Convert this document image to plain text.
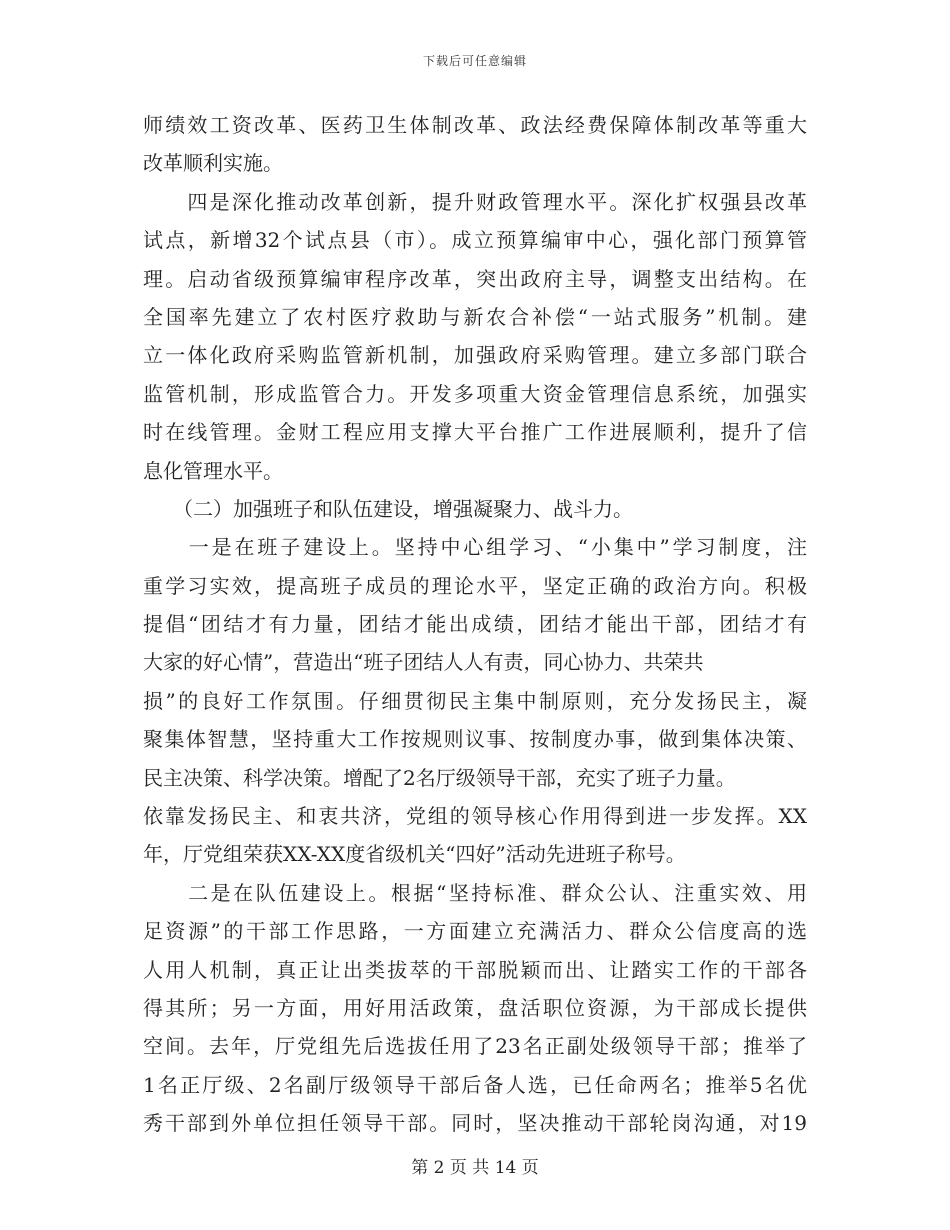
下载后可任意编辑
师绩效工资改革、医药卫生体制改革、政法经费保障体制改革等重大
改革顺利实施。
　　四是深化推动改革创新，提升财政管理水平。深化扩权强县改革
试点，新增32个试点县（市）。成立预算编审中心，强化部门预算管
理。启动省级预算编审程序改革，突出政府主导，调整支出结构。在
全国率先建立了农村医疗救助与新农合补偿“一站式服务”机制。建
立一体化政府采购监管新机制，加强政府采购管理。建立多部门联合
监管机制，形成监管合力。开发多项重大资金管理信息系统，加强实
时在线管理。金财工程应用支撑大平台推广工作进展顺利，提升了信
息化管理水平。
　　（二）加强班子和队伍建设，增强凝聚力、战斗力。
　　一是在班子建设上。坚持中心组学习、“小集中”学习制度，注
重学习实效，提高班子成员的理论水平，坚定正确的政治方向。积极
提倡“团结才有力量，团结才能出成绩，团结才能出干部，团结才有
大家的好心情”，营造出“班子团结人人有责，同心协力、共荣共
损”的良好工作氛围。仔细贯彻民主集中制原则，充分发扬民主，凝
聚集体智慧，坚持重大工作按规则议事、按制度办事，做到集体决策、
民主决策、科学决策。增配了2名厅级领导干部，充实了班子力量。
依靠发扬民主、和衷共济，党组的领导核心作用得到进一步发挥。XX
年，厅党组荣获XX-XX度省级机关“四好”活动先进班子称号。
　　二是在队伍建设上。根据“坚持标准、群众公认、注重实效、用
足资源”的干部工作思路，一方面建立充满活力、群众公信度高的选
人用人机制，真正让出类拔萃的干部脱颖而出、让踏实工作的干部各
得其所；另一方面，用好用活政策，盘活职位资源，为干部成长提供
空间。去年，厅党组先后选拔任用了23名正副处级领导干部；推举了
1名正厅级、2名副厅级领导干部后备人选，已任命两名；推举5名优
秀干部到外单位担任领导干部。同时，坚决推动干部轮岗沟通，对19
第 2 页 共 14 页
